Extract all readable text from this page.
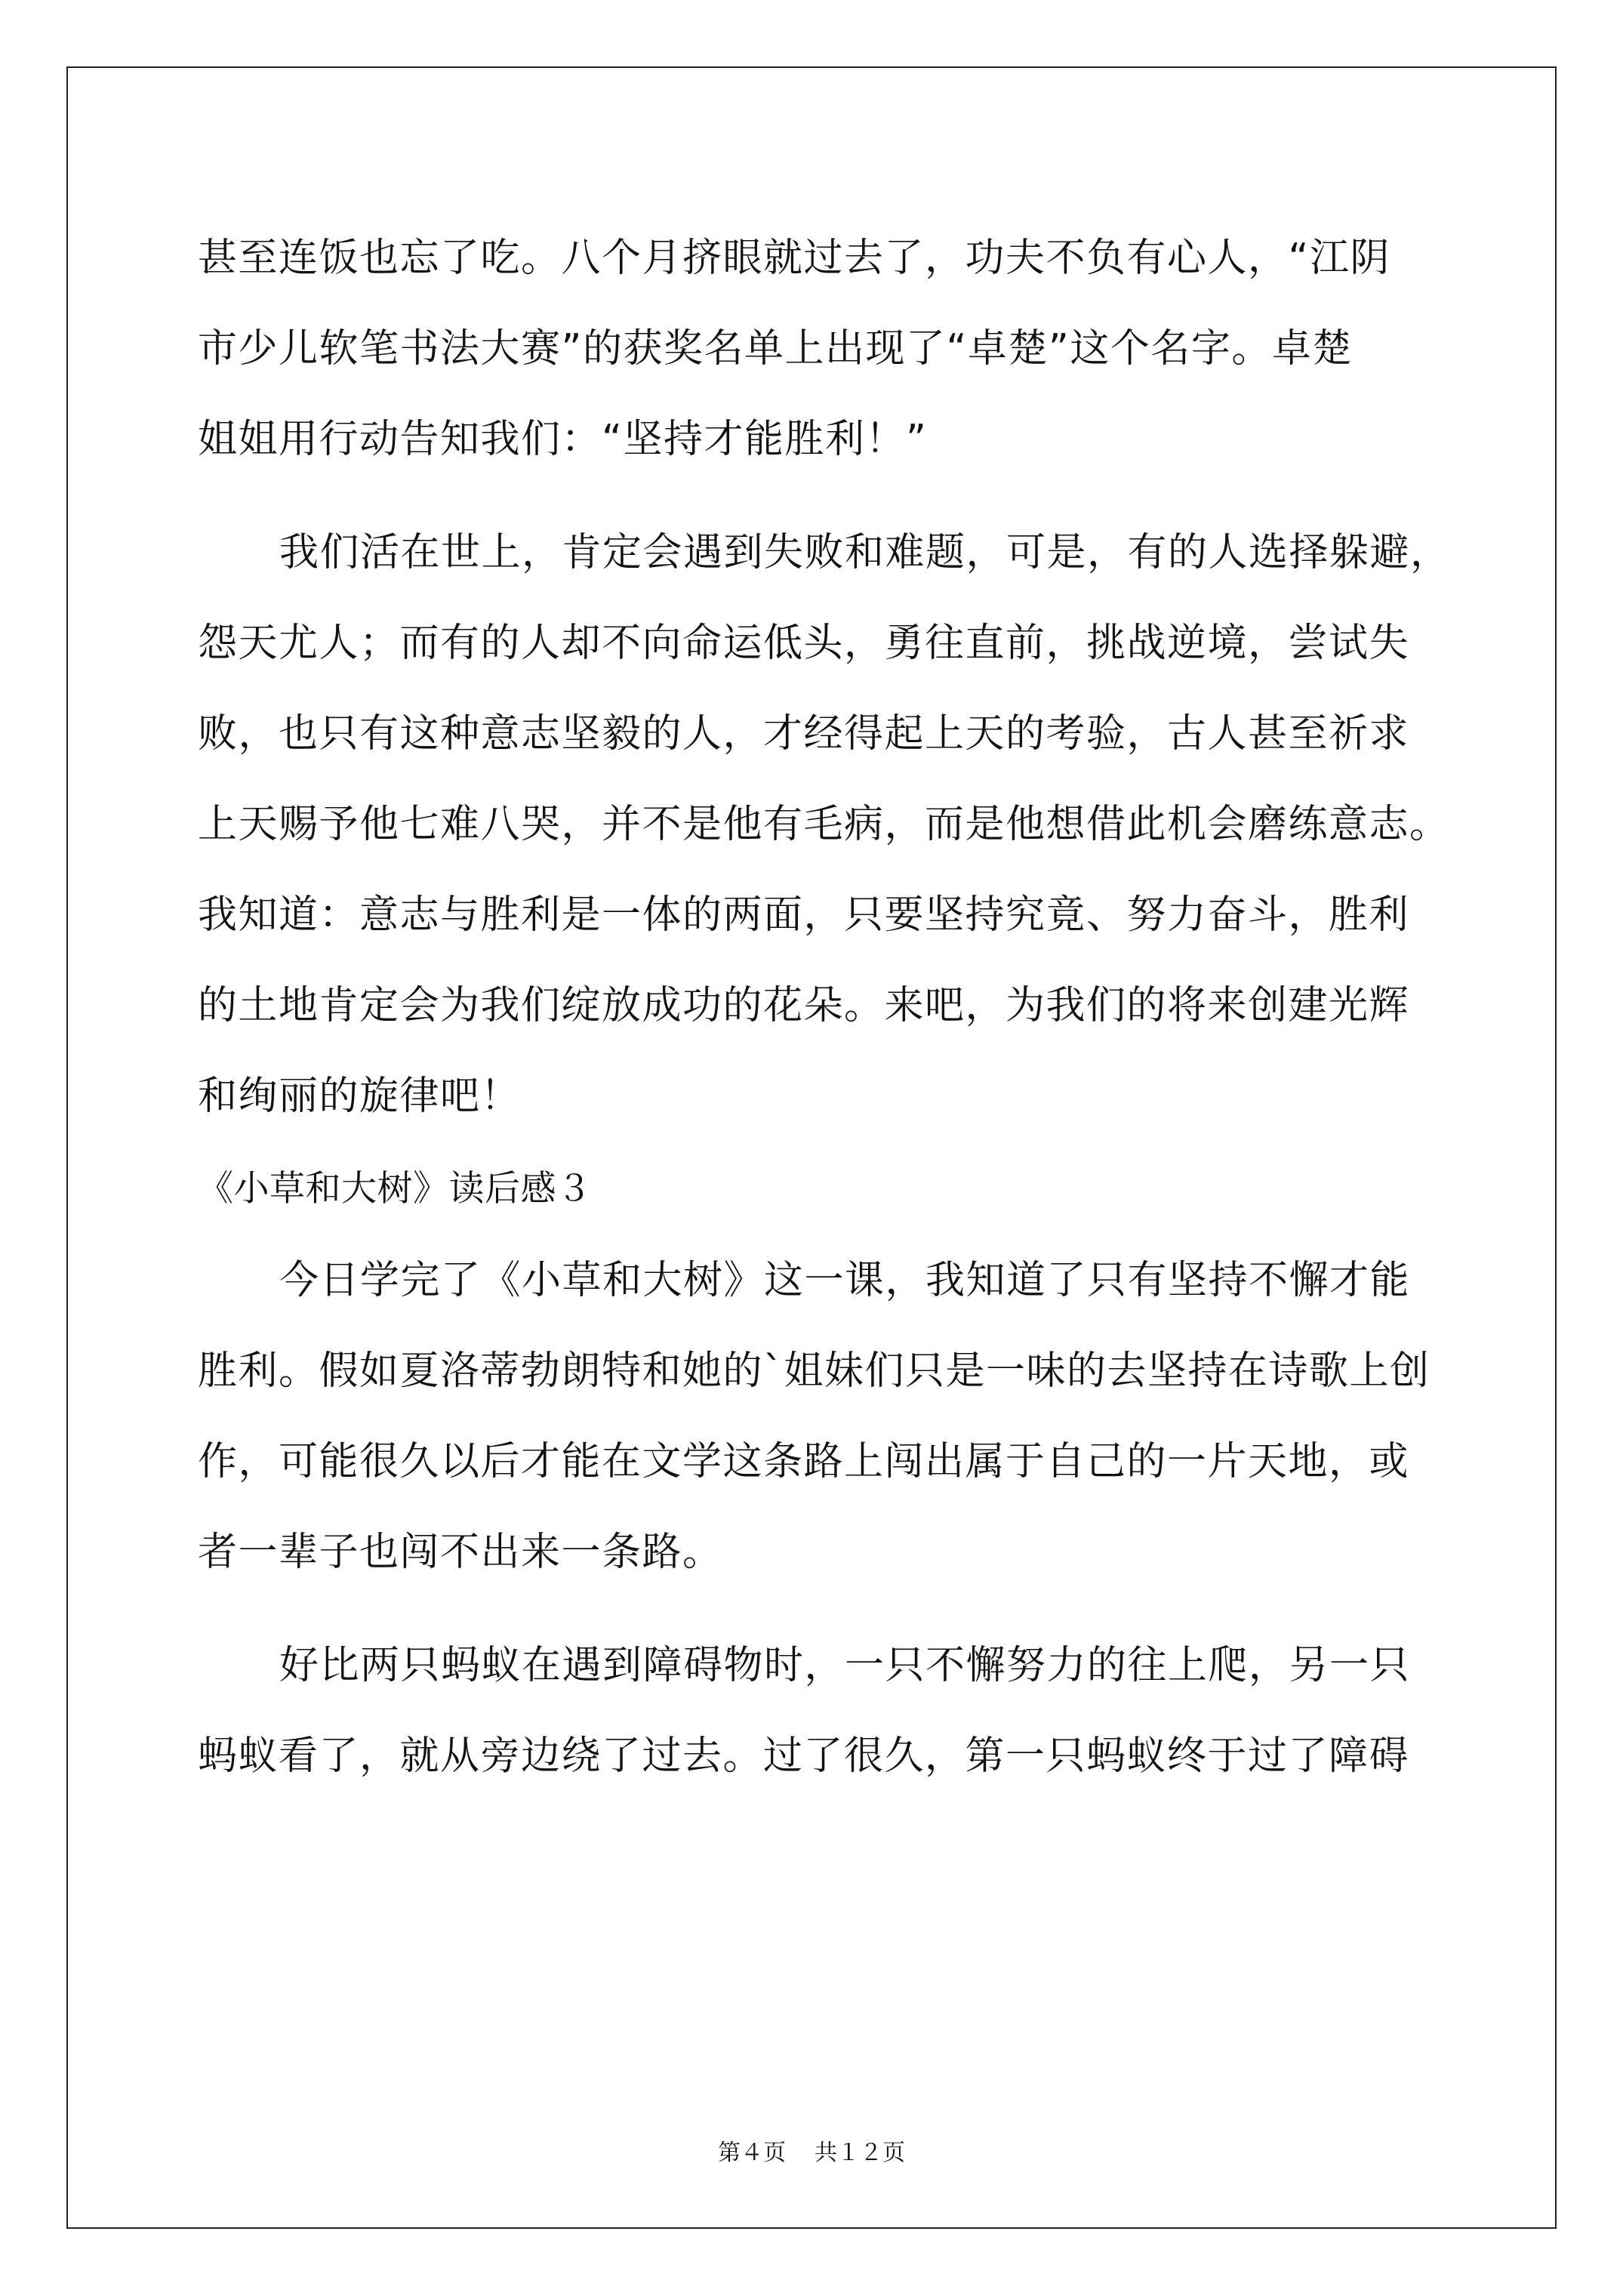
甚至连饭也忘了吃。八个月挤眼就过去了，功夫不负有心人，“江阴
市少儿软笔书法大赛”的获奖名单上出现了“卓楚”这个名字。卓楚
姐姐用行动告知我们：“坚持才能胜利！”
我们活在世上，肯定会遇到失败和难题，可是，有的人选择躲避，
怨天尤人；而有的人却不向命运低头，勇往直前，挑战逆境，尝试失
败，也只有这种意志坚毅的人，才经得起上天的考验，古人甚至祈求
上天赐予他七难八哭，并不是他有毛病，而是他想借此机会磨练意志。
我知道：意志与胜利是一体的两面，只要坚持究竟、努力奋斗，胜利
的土地肯定会为我们绽放成功的花朵。来吧，为我们的将来创建光辉
和绚丽的旋律吧！
《小草和大树》读后感３
今日学完了《小草和大树》这一课，我知道了只有坚持不懈才能
胜利。假如夏洛蒂勃朗特和她的`姐妹们只是一味的去坚持在诗歌上创
作，可能很久以后才能在文学这条路上闯出属于自己的一片天地，或
者一辈子也闯不出来一条路。
好比两只蚂蚁在遇到障碍物时，一只不懈努力的往上爬，另一只
蚂蚁看了，就从旁边绕了过去。过了很久，第一只蚂蚁终于过了障碍
第４页 共１２页
